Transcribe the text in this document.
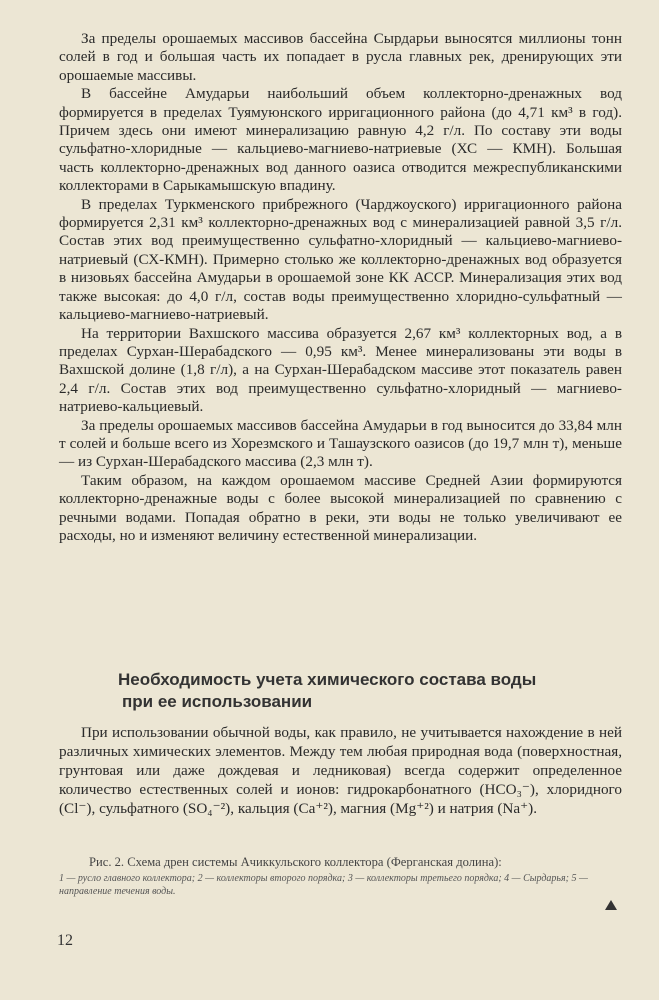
За пределы орошаемых массивов бассейна Сырдарьи выносятся миллионы тонн солей в год и большая часть их попадает в русла главных рек, дренирующих эти орошаемые массивы.

В бассейне Амударьи наибольший объем коллекторно-дренажных вод формируется в пределах Туямуюнского ирригационного района (до 4,71 км³ в год). Причем здесь они имеют минерализацию равную 4,2 г/л. По составу эти воды сульфатно-хлоридные — кальциево-магниево-натриевые (ХС — КМН). Большая часть коллекторно-дренажных вод данного оазиса отводится межреспубликанскими коллекторами в Сарыкамышскую впадину.

В пределах Туркменского прибрежного (Чарджоуского) ирригационного района формируется 2,31 км³ коллекторно-дренажных вод с минерализацией равной 3,5 г/л. Состав этих вод преимущественно сульфатно-хлоридный — кальциево-магниево-натриевый (СХ-КМН). Примерно столько же коллекторно-дренажных вод образуется в низовьях бассейна Амударьи в орошаемой зоне КК АССР. Минерализация этих вод также высокая: до 4,0 г/л, состав воды преимущественно хлоридно-сульфатный — кальциево-магниево-натриевый.

На территории Вахшского массива образуется 2,67 км³ коллекторных вод, а в пределах Сурхан-Шерабадского — 0,95 км³. Менее минерализованы эти воды в Вахшской долине (1,8 г/л), а на Сурхан-Шерабадском массиве этот показатель равен 2,4 г/л. Состав этих вод преимущественно сульфатно-хлоридный — магниево-натриево-кальциевый.

За пределы орошаемых массивов бассейна Амударьи в год выносится до 33,84 млн т солей и больше всего из Хорезмского и Ташаузского оазисов (до 19,7 млн т), меньше — из Сурхан-Шерабадского массива (2,3 млн т).

Таким образом, на каждом орошаемом массиве Средней Азии формируются коллекторно-дренажные воды с более высокой минерализацией по сравнению с речными водами. Попадая обратно в реки, эти воды не только увеличивают ее расходы, но и изменяют величину естественной минерализации.

Необходимость учета химического состава воды
при ее использовании

При использовании обычной воды, как правило, не учитывается нахождение в ней различных химических элементов. Между тем любая природная вода (поверхностная, грунтовая или даже дождевая и ледниковая) всегда содержит определенное количество естественных солей и ионов: гидрокарбонатного (HCO₃⁻), хлоридного (Cl⁻), сульфатного (SO₄⁻²), кальция (Ca⁺²), магния (Mg⁺²) и натрия (Na⁺).

Рис. 2. Схема дрен системы Ачиккульского коллектора (Ферганская долина):
1 — русло главного коллектора; 2 — коллекторы второго порядка; 3 — коллекторы третьего порядка; 4 — Сырдарья; 5 — направление течения воды.
12
